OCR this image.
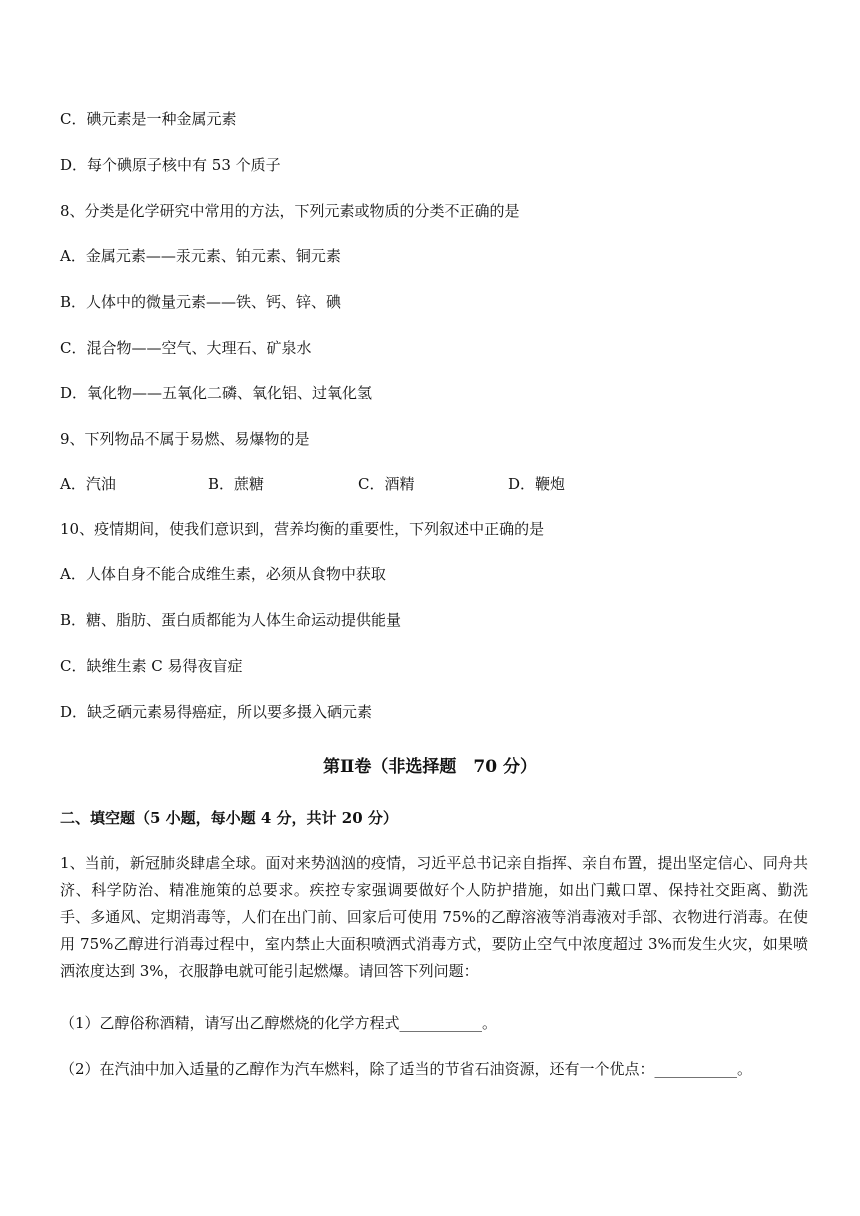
C．碘元素是一种金属元素
D．每个碘原子核中有 53 个质子
8、分类是化学研究中常用的方法，下列元素或物质的分类不正确的是
A．金属元素——汞元素、铂元素、铜元素
B．人体中的微量元素——铁、钙、锌、碘
C．混合物——空气、大理石、矿泉水
D．氧化物——五氧化二磷、氧化铝、过氧化氢
9、下列物品不属于易燃、易爆物的是
A．汽油	B．蔗糖	C．酒精	D．鞭炮
10、疫情期间，使我们意识到，营养均衡的重要性，下列叙述中正确的是
A．人体自身不能合成维生素，必须从食物中获取
B．糖、脂肪、蛋白质都能为人体生命运动提供能量
C．缺维生素 C 易得夜盲症
D．缺乏硒元素易得癌症，所以要多摄入硒元素
第Ⅱ卷（非选择题　70 分）
二、填空题（5 小题，每小题 4 分，共计 20 分）
1、当前，新冠肺炎肆虐全球。面对来势汹汹的疫情，习近平总书记亲自指挥、亲自布置，提出坚定信心、同舟共济、科学防治、精准施策的总要求。疾控专家强调要做好个人防护措施，如出门戴口罩、保持社交距离、勤洗手、多通风、定期消毒等，人们在出门前、回家后可使用 75%的乙醇溶液等消毒液对手部、衣物进行消毒。在使用 75%乙醇进行消毒过程中，室内禁止大面积喷洒式消毒方式，要防止空气中浓度超过 3%而发生火灾，如果喷洒浓度达到 3%，衣服静电就可能引起燃爆。请回答下列问题：
（1）乙醇俗称酒精，请写出乙醇燃烧的化学方程式___________。
（2）在汽油中加入适量的乙醇作为汽车燃料，除了适当的节省石油资源，还有一个优点：___________。
